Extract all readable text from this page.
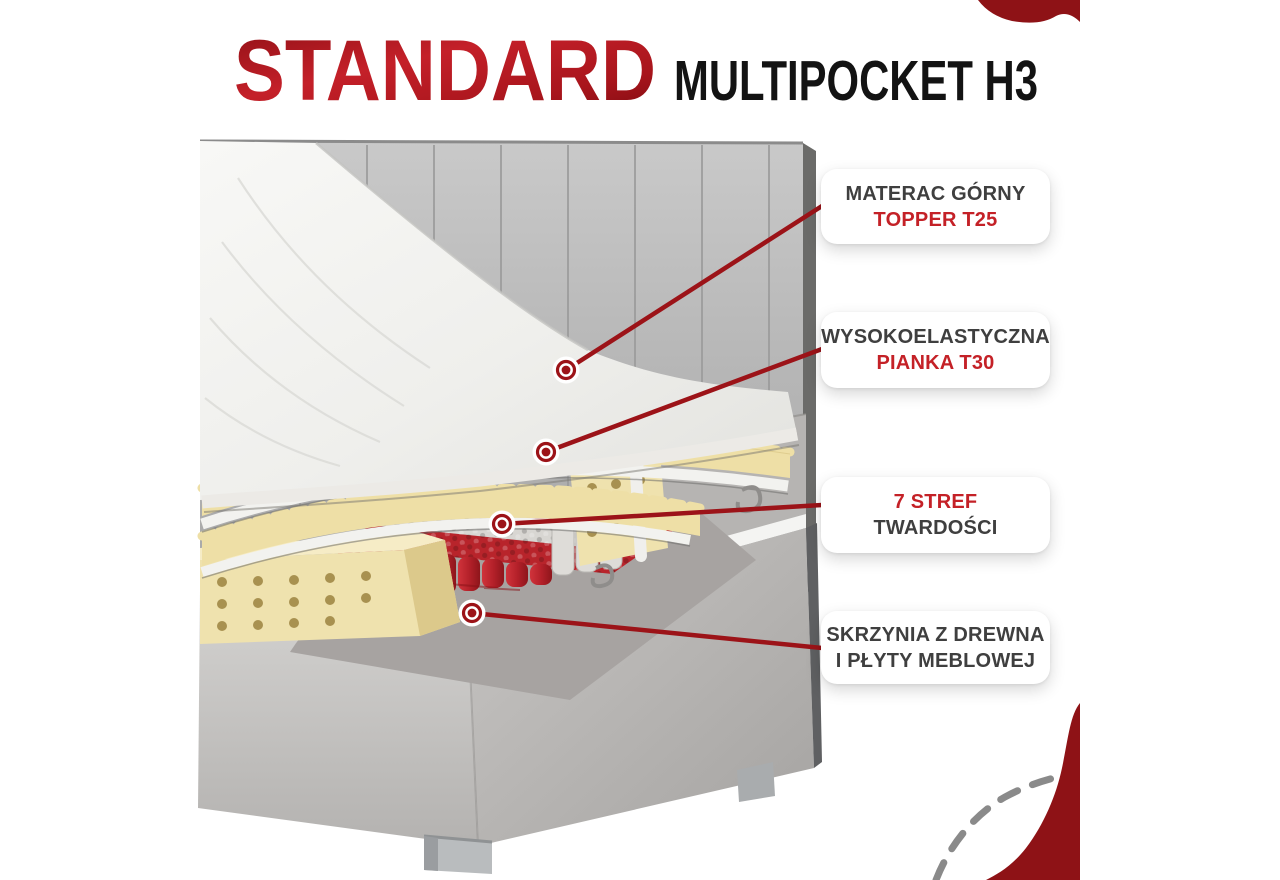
STANDARD MULTIPOCKET H3
MATERAC GÓRNY
TOPPER T25
WYSOKOELASTYCZNA
PIANKA T30
7 STREF
TWARDOŚCI
SKRZYNIA Z DREWNA
I PŁYTY MEBLOWEJ
